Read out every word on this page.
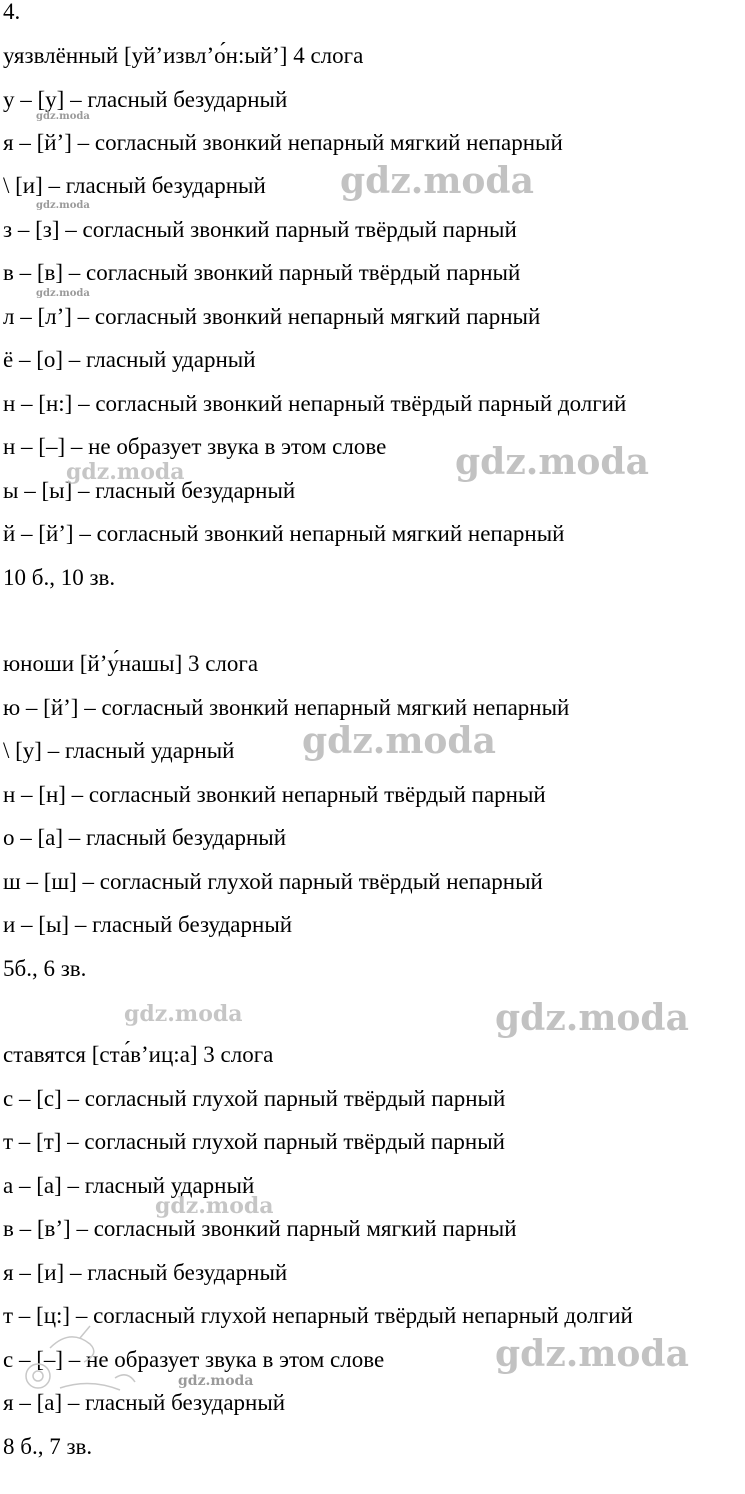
4.
уязвлённый [уй’извл’о́н:ый’] 4 слога
у – [у] – гласный безударный
я – [й’] – согласный звонкий непарный мягкий непарный
\ [и] – гласный безударный
з – [з] – согласный звонкий парный твёрдый парный
в – [в] – согласный звонкий парный твёрдый парный
л – [л’] – согласный звонкий непарный мягкий парный
ё – [о] – гласный ударный
н – [н:] – согласный звонкий непарный твёрдый парный долгий
н – [–] – не образует звука в этом слове
ы – [ы] – гласный безударный
й – [й’] – согласный звонкий непарный мягкий непарный
10 б., 10 зв.
юноши [й’у́нашы] 3 слога
ю – [й’] – согласный звонкий непарный мягкий непарный
\ [у] – гласный ударный
н – [н] – согласный звонкий непарный твёрдый парный
о – [а] – гласный безударный
ш – [ш] – согласный глухой парный твёрдый непарный
и – [ы] – гласный безударный
5б., 6 зв.
ставятся [ста́в’иц:а] 3 слога
с – [с] – согласный глухой парный твёрдый парный
т – [т] – согласный глухой парный твёрдый парный
а – [а] – гласный ударный
в – [в’] – согласный звонкий парный мягкий парный
я – [и] – гласный безударный
т – [ц:] – согласный глухой непарный твёрдый непарный долгий
с – [–] – не образует звука в этом слове
я – [а] – гласный безударный
8 б., 7 зв.
gdz.moda
gdz.moda
gdz.moda
gdz.moda
gdz.moda	gdz.moda
gdz.moda
gdz.moda	gdz.moda
gdz.moda
gdz.moda
gdz.moda
